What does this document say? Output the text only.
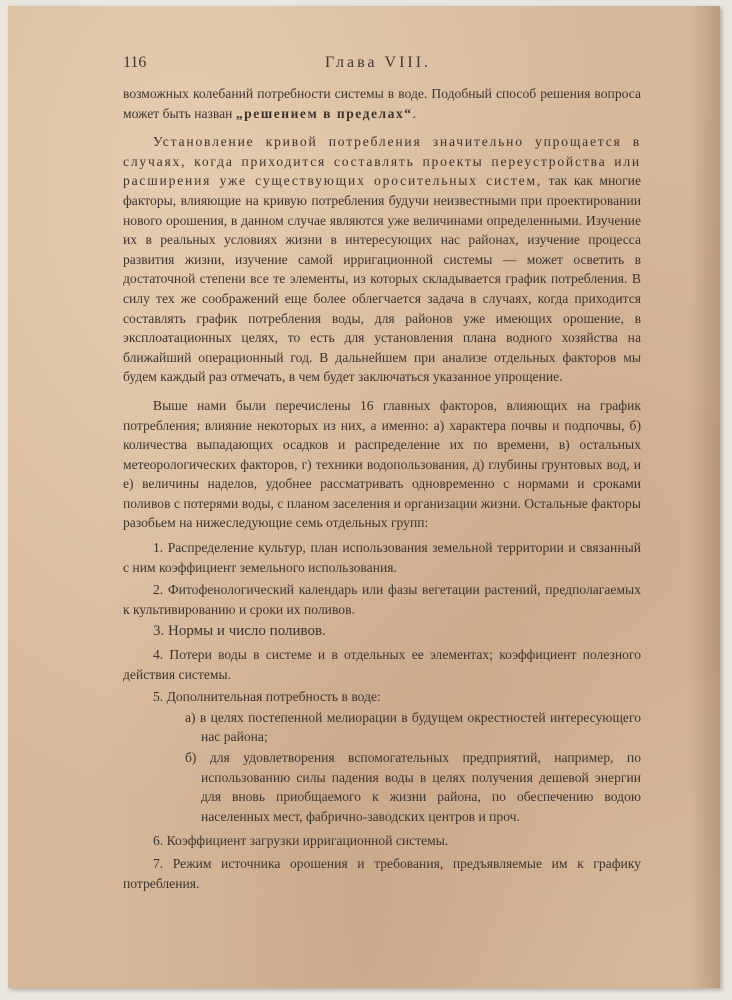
116	Глава VIII.

возможных колебаний потребности системы в воде. Подобный способ решения вопроса может быть назван „решением в пределах“.

Установление кривой потребления значительно упрощается в случаях, когда приходится составлять проекты переустройства или расширения уже существующих оросительных систем, так как многие факторы, влияющие на кривую потребления будучи неизвестными при проектировании нового орошения, в данном случае являются уже величинами определенными. Изучение их в реальных условиях жизни в интересующих нас районах, изучение процесса развития жизни, изучение самой ирригационной системы — может осветить в достаточной степени все те элементы, из которых складывается график потребления. В силу тех же соображений еще более облегчается задача в случаях, когда приходится составлять график потребления воды, для районов уже имеющих орошение, в эксплоатационных целях, то есть для установления плана водного хозяйства на ближайший операционный год. В дальнейшем при анализе отдельных факторов мы будем каждый раз отмечать, в чем будет заключаться указанное упрощение.

Выше нами были перечислены 16 главных факторов, влияющих на график потребления; влияние некоторых из них, а именно: а) характера почвы и подпочвы, б) количества выпадающих осадков и распределение их по времени, в) остальных метеорологических факторов, г) техники водопользования, д) глубины грунтовых вод, и е) величины наделов, удобнее рассматривать одновременно с нормами и сроками поливов с потерями воды, с планом заселения и организации жизни. Остальные факторы разобьем на нижеследующие семь отдельных групп:

1. Распределение культур, план использования земельной территории и связанный с ним коэффициент земельного использования.

2. Фитофенологический календарь или фазы вегетации растений, предполагаемых к культивированию и сроки их поливов.

3. Нормы и число поливов.

4. Потери воды в системе и в отдельных ее элементах; коэффициент полезного действия системы.

5. Дополнительная потребность в воде:

а) в целях постепенной мелиорации в будущем окрестностей интересующего нас района;

б) для удовлетворения вспомогательных предприятий, например, по использованию силы падения воды в целях получения дешевой энергии для вновь приобщаемого к жизни района, по обеспечению водою населенных мест, фабрично-заводских центров и проч.

6. Коэффициент загрузки ирригационной системы.

7. Режим источника орошения и требования, предъявляемые им к графику потребления.
